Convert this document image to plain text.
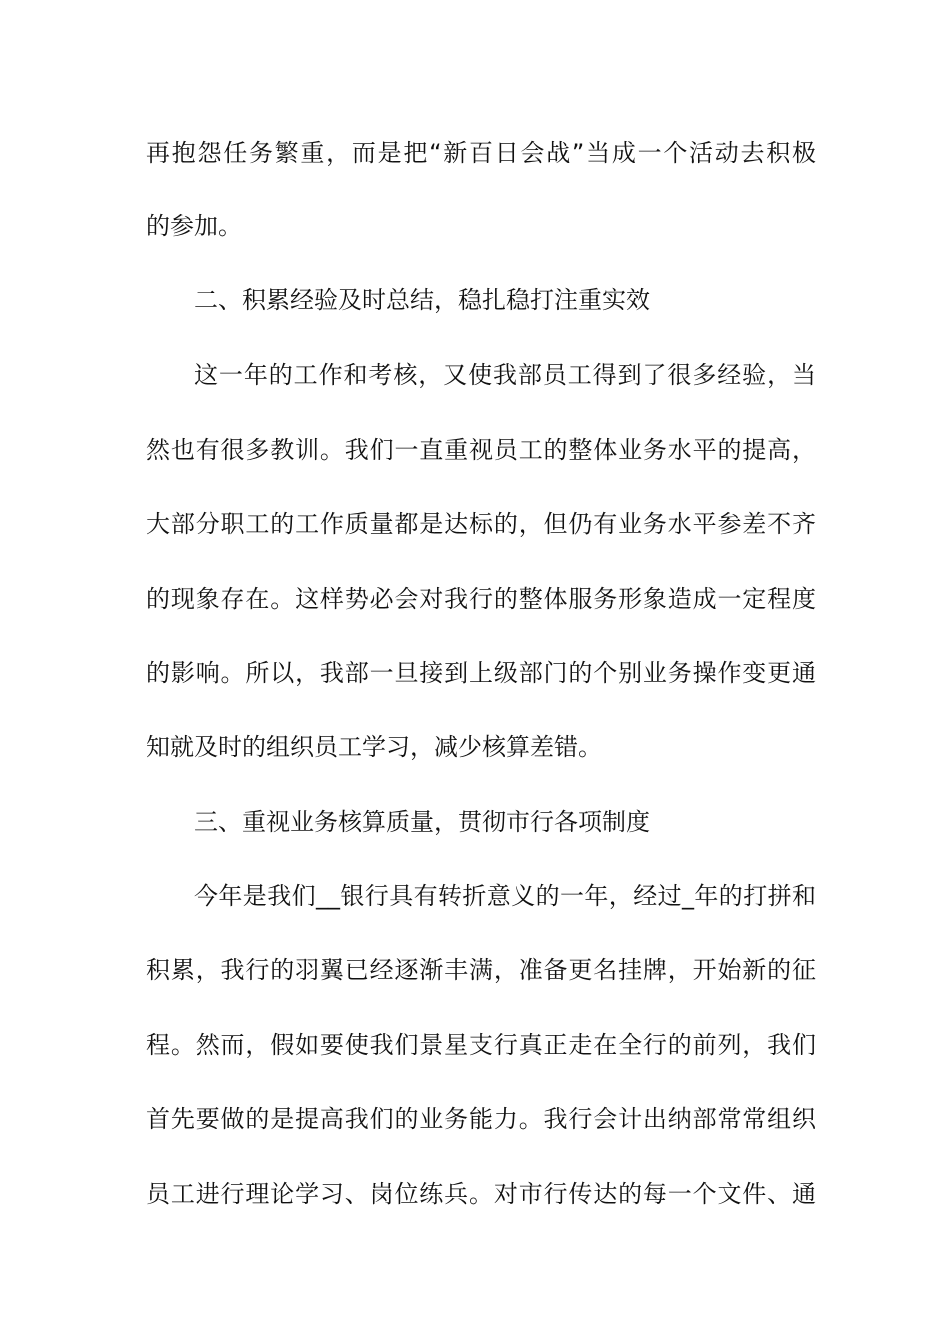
再抱怨任务繁重，而是把“新百日会战”当成一个活动去积极

的参加。

二、积累经验及时总结，稳扎稳打注重实效

这一年的工作和考核，又使我部员工得到了很多经验，当

然也有很多教训。我们一直重视员工的整体业务水平的提高，

大部分职工的工作质量都是达标的，但仍有业务水平参差不齐

的现象存在。这样势必会对我行的整体服务形象造成一定程度

的影响。所以，我部一旦接到上级部门的个别业务操作变更通

知就及时的组织员工学习，减少核算差错。

三、重视业务核算质量，贯彻市行各项制度

今年是我们__银行具有转折意义的一年，经过_年的打拼和

积累，我行的羽翼已经逐渐丰满，准备更名挂牌，开始新的征

程。然而，假如要使我们景星支行真正走在全行的前列，我们

首先要做的是提高我们的业务能力。我行会计出纳部常常组织

员工进行理论学习、岗位练兵。对市行传达的每一个文件、通
